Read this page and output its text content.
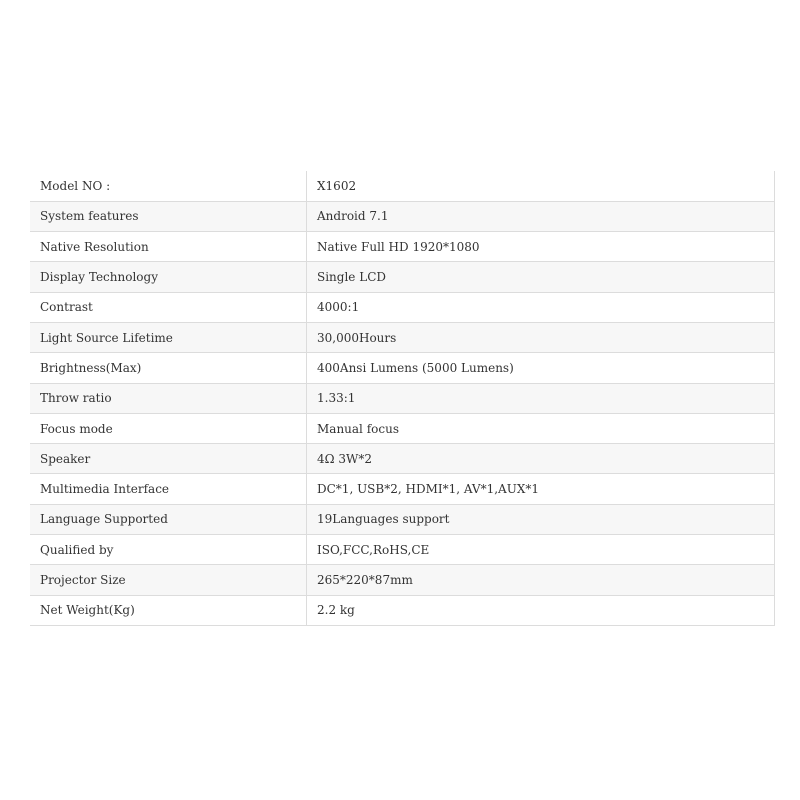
Model NO :	X1602
System features	Android 7.1
Native Resolution	Native Full HD 1920*1080
Display Technology	Single LCD
Contrast	4000:1
Light Source Lifetime	30,000Hours
Brightness(Max)	400Ansi Lumens (5000 Lumens)
Throw ratio	1.33:1
Focus mode	Manual focus
Speaker	4Ω 3W*2
Multimedia Interface	DC*1, USB*2, HDMI*1, AV*1,AUX*1
Language Supported	19Languages support
Qualified by	ISO,FCC,RoHS,CE
Projector Size	265*220*87mm
Net Weight(Kg)	2.2 kg
